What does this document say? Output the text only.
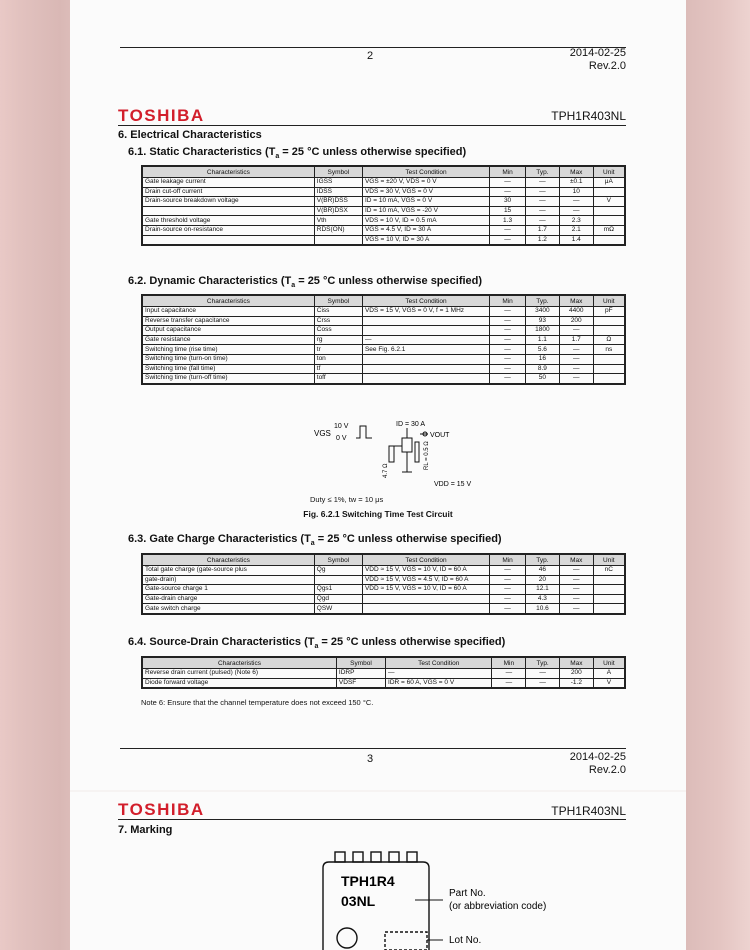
2	2014-02-25
Rev.2.0
TOSHIBA	TPH1R403NL
6. Electrical Characteristics
6.1. Static Characteristics ($T_a = 25$ °C unless otherwise specified)
Characteristics	Symbol	Test Condition	Min	Typ.	Max	Unit
Gate leakage current	IGSS	VGS = ±20 V, VDS = 0 V	—	—	±0.1	μA
Drain cut-off current	IDSS	VDS = 30 V, VGS = 0 V	—	—	10	
Drain-source breakdown voltage	V(BR)DSS	ID = 10 mA, VGS = 0 V	30	—	—	V
	V(BR)DSX	ID = 10 mA, VGS = -20 V	15	—	—	
Gate threshold voltage	Vth	VDS = 10 V, ID = 0.5 mA	1.3	—	2.3	
Drain-source on-resistance	RDS(ON)	VGS = 4.5 V, ID = 30 A	—	1.7	2.1	mΩ
		VGS = 10 V, ID = 30 A	—	1.2	1.4	
6.2. Dynamic Characteristics ($T_a = 25$ °C unless otherwise specified)
Characteristics	Symbol	Test Condition	Min	Typ.	Max	Unit
Input capacitance	Ciss	VDS = 15 V, VGS = 0 V, f = 1 MHz	—	3400	4400	pF
Reverse transfer capacitance	Crss		—	93	200	
Output capacitance	Coss		—	1800	—	
Gate resistance	rg	—	—	1.1	1.7	Ω
Switching time (rise time)	tr	See Fig. 6.2.1	—	5.6	—	ns
Switching time (turn-on time)	ton		—	16	—	
Switching time (fall time)	tf		—	8.9	—	
Switching time (turn-off time)	toff		—	50	—	
VGS
10 V
0 V
ID = 30 A
VOUT
4.7 Ω
RL = 0.5 Ω
VDD = 15 V
Duty ≤ 1%, tw = 10 μs
Fig. 6.2.1 Switching Time Test Circuit
6.3. Gate Charge Characteristics ($T_a = 25$ °C unless otherwise specified)
Characteristics	Symbol	Test Condition	Min	Typ.	Max	Unit
Total gate charge (gate-source plus	Qg	VDD ≈ 15 V, VGS = 10 V, ID = 60 A	—	46	—	nC
gate-drain)		VDD ≈ 15 V, VGS = 4.5 V, ID = 60 A	—	20	—	
Gate-source charge 1	Qgs1	VDD ≈ 15 V, VGS = 10 V, ID = 60 A	—	12.1	—	
Gate-drain charge	Qgd		—	4.3	—	
Gate switch charge	QSW		—	10.6	—	
6.4. Source-Drain Characteristics ($T_a = 25$ °C unless otherwise specified)
Characteristics	Symbol	Test Condition	Min	Typ.	Max	Unit
Reverse drain current (pulsed) (Note 6)	IDRP	—	—	—	200	A
Diode forward voltage	VDSF	IDR = 60 A, VGS = 0 V	—	—	-1.2	V
Note 6: Ensure that the channel temperature does not exceed 150 °C.
3	2014-02-25
Rev.2.0
TOSHIBA	TPH1R403NL
7. Marking
TPH1R4
03NL	Part No.
(or abbreviation code)
Lot No.
